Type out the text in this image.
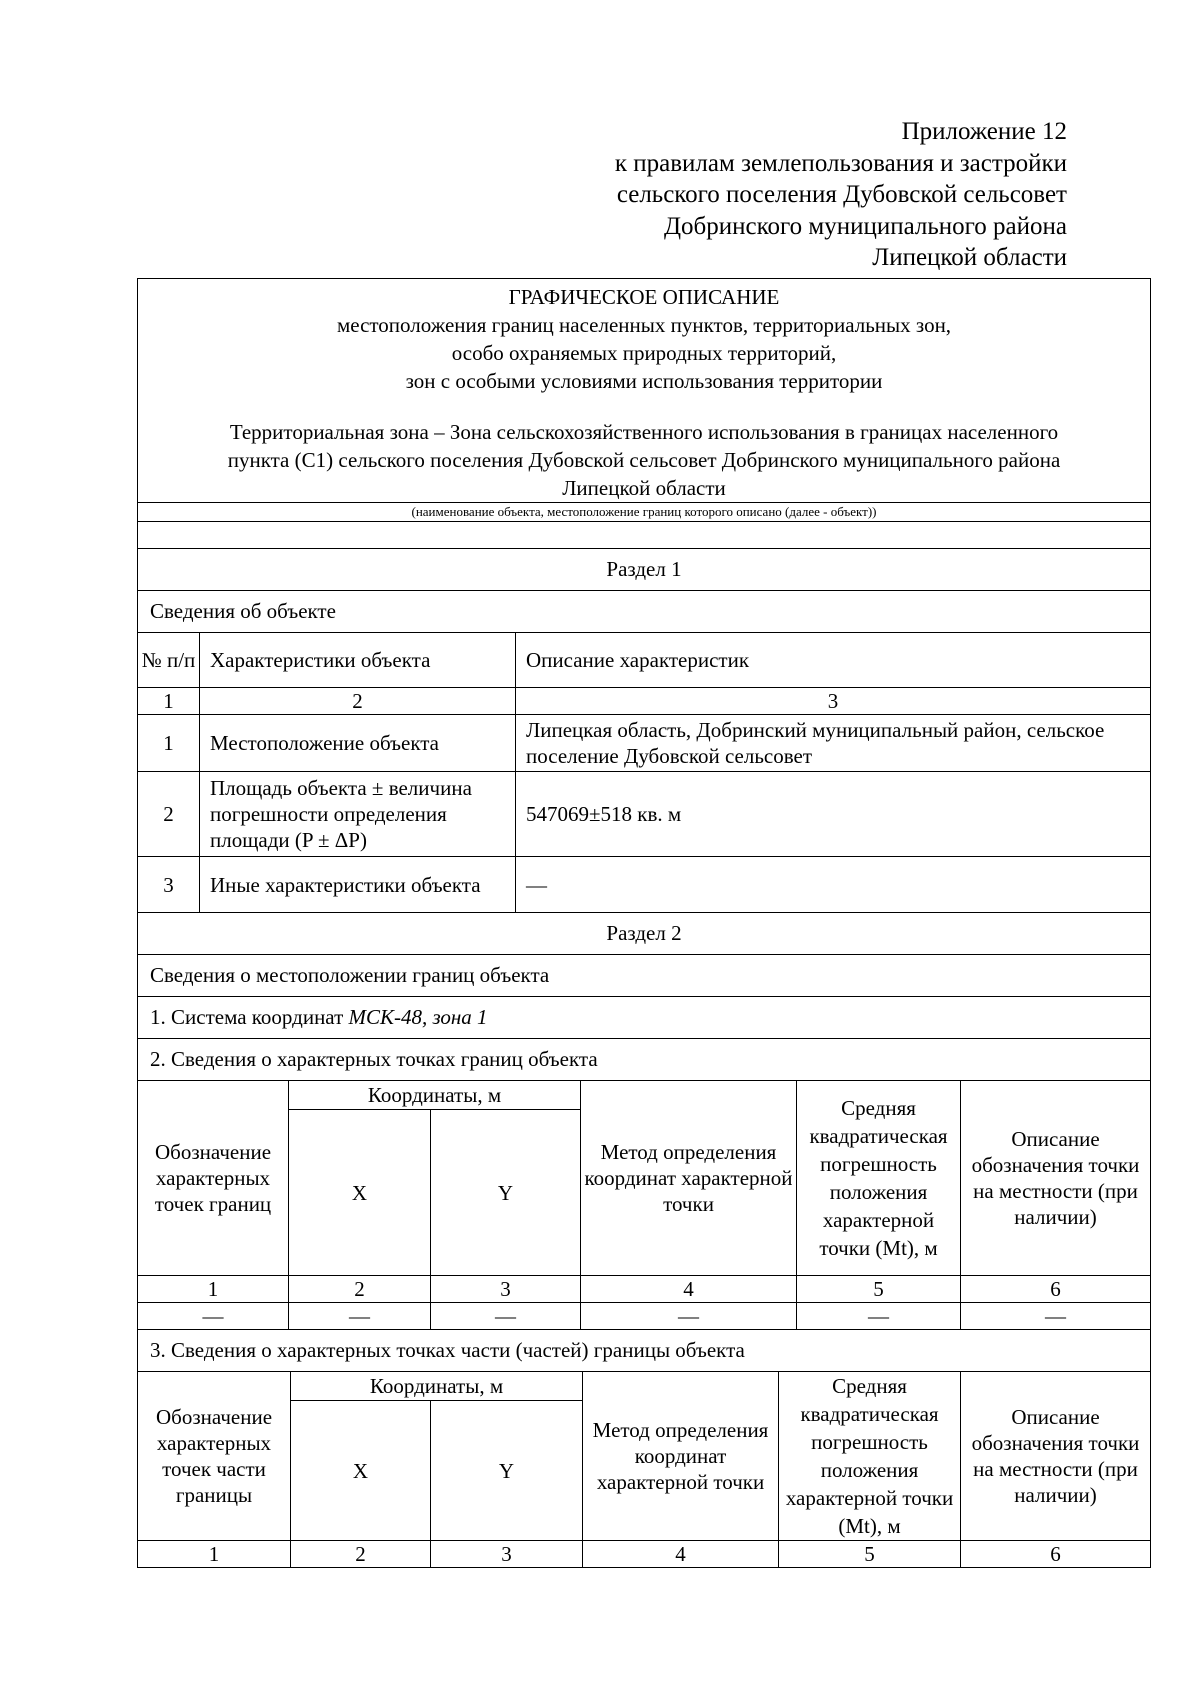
Приложение 12
к правилам землепользования и застройки
сельского поселения Дубовской сельсовет
Добринского муниципального района
Липецкой области
ГРАФИЧЕСКОЕ ОПИСАНИЕ
местоположения границ населенных пунктов, территориальных зон,
особо охраняемых природных территорий,
зон с особыми условиями использования территории
Территориальная зона – Зона сельскохозяйственного использования в границах населенного
пункта (С1) сельского поселения Дубовской сельсовет Добринского муниципального района
Липецкой области
(наименование объекта, местоположение границ которого описано (далее - объект))
Раздел 1
Сведения об объекте
№ п/п	Характеристики объекта	Описание характеристик
1	2	3
1	Местоположение объекта	Липецкая область, Добринский муниципальный район, сельское поселение Дубовской сельсовет
2	Площадь объекта ± величина погрешности определения площади (P ± ΔP)	547069±518 кв. м
3	Иные характеристики объекта	—
Раздел 2
Сведения о местоположении границ объекта
1. Система координат МСК-48, зона 1
2. Сведения о характерных точках границ объекта
Обозначение характерных точек границ	Координаты, м		Метод определения координат характерной точки	Средняя квадратическая погрешность положения характерной точки (Mt), м	Описание обозначения точки на местности (при наличии)
	X	Y			
1	2	3	4	5	6
—	—	—	—	—	—
3. Сведения о характерных точках части (частей) границы объекта
Обозначение характерных точек части границы	Координаты, м		Метод определения координат характерной точки	Средняя квадратическая погрешность положения характерной точки (Mt), м	Описание обозначения точки на местности (при наличии)
	X	Y			
1	2	3	4	5	6
